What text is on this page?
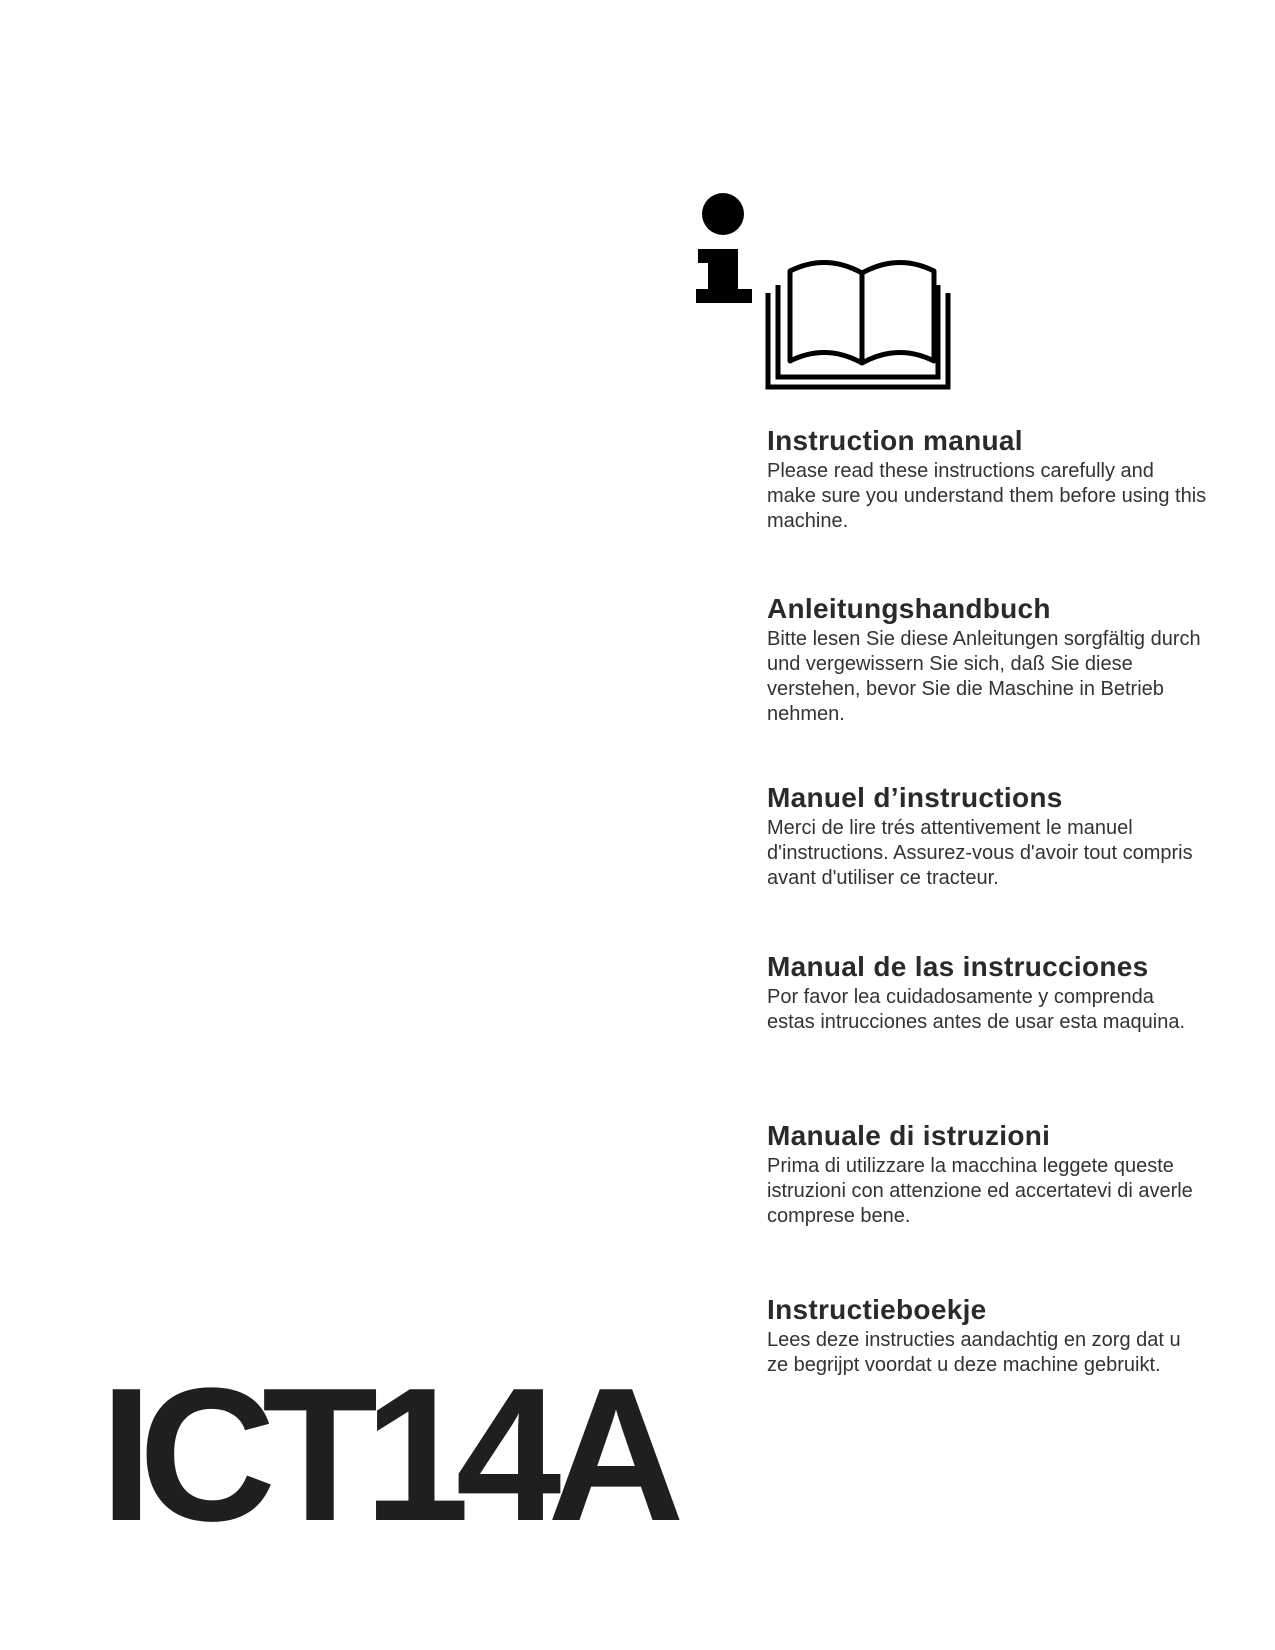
Instruction manual

Please read these instructions carefully and make sure you understand them before using this machine.

Anleitungshandbuch

Bitte lesen Sie diese Anleitungen sorgfältig durch und vergewissern Sie sich, daß Sie diese verstehen, bevor Sie die Maschine in Betrieb nehmen.

Manuel d’instructions

Merci de lire trés attentivement le manuel d'instructions. Assurez-vous d'avoir tout compris avant d'utiliser ce tracteur.

Manual de las instrucciones

Por favor lea cuidadosamente y comprenda estas intrucciones antes de usar esta maquina.

Manuale di istruzioni

Prima di utilizzare la macchina leggete queste istruzioni con attenzione ed accertatevi di averle comprese bene.

Instructieboekje

Lees deze instructies aandachtig en zorg dat u ze begrijpt voordat u deze machine gebruikt.

ICT14A
